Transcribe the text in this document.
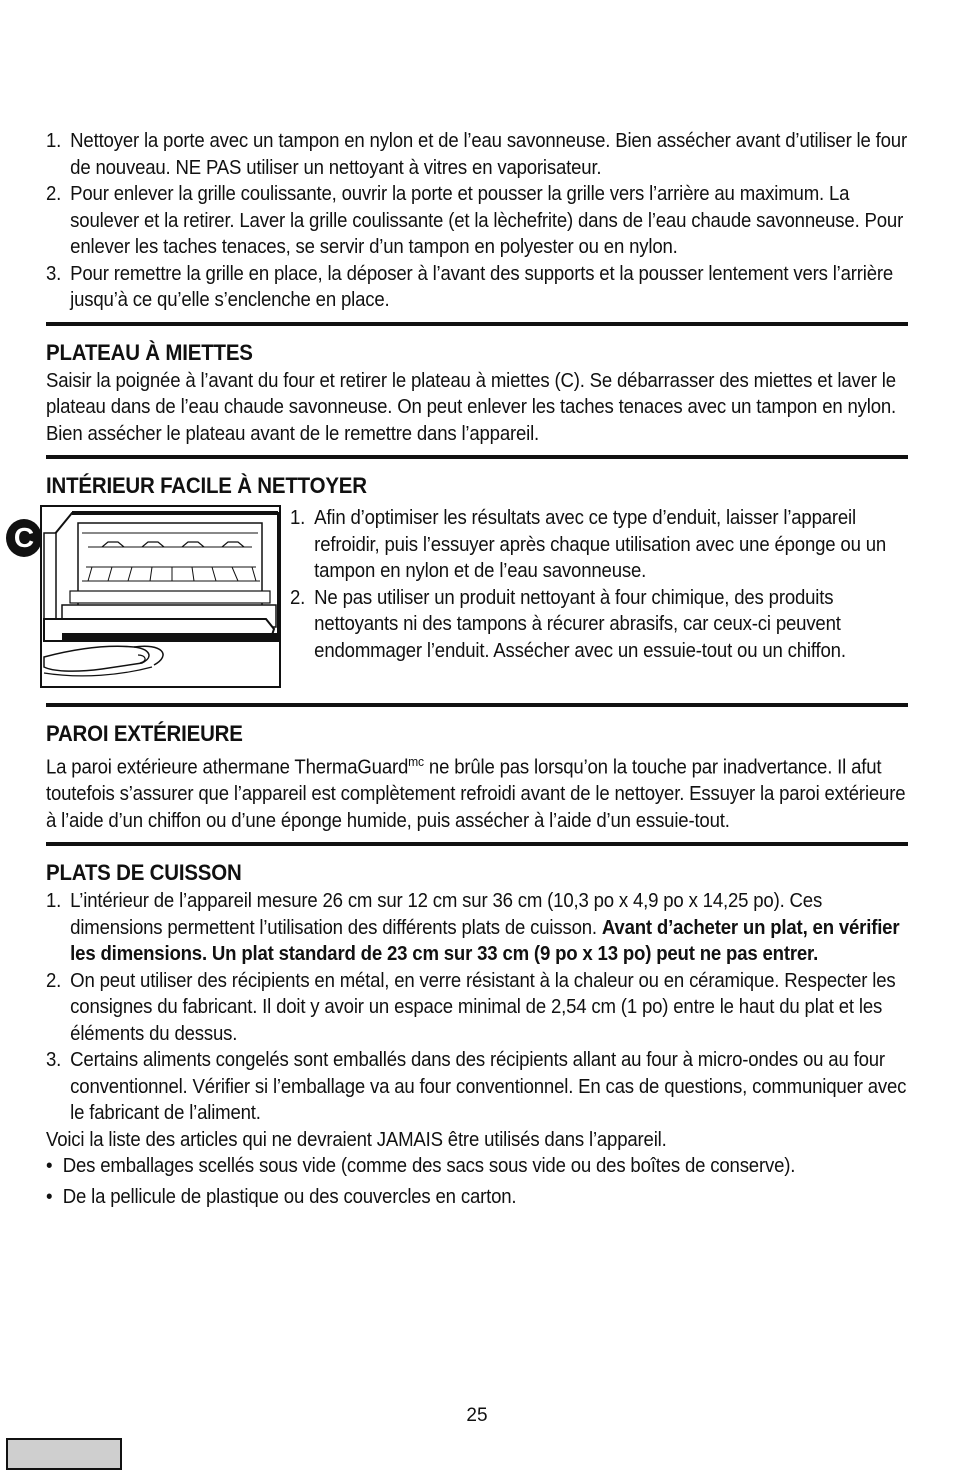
1. Nettoyer la porte avec un tampon en nylon et de l’eau savonneuse. Bien assécher avant d’utiliser le four de nouveau. NE PAS utiliser un nettoyant à vitres en vaporisateur.
2. Pour enlever la grille coulissante, ouvrir la porte et pousser la grille vers l’arrière au maximum. La soulever et la retirer. Laver la grille coulissante (et la lèchefrite) dans de l’eau chaude savonneuse. Pour enlever les taches tenaces, se servir d’un tampon en polyester ou en nylon.
3. Pour remettre la grille en place, la déposer à l’avant des supports et la pousser lentement vers l’arrière jusqu’à ce qu’elle s’enclenche en place.
PLATEAU À MIETTES

Saisir la poignée à l’avant du four et retirer le plateau à miettes (C). Se débarrasser des miettes et laver le plateau dans de l’eau chaude savonneuse. On peut enlever les taches tenaces avec un tampon en nylon. Bien assécher le plateau avant de le remettre dans l’appareil.

INTÉRIEUR FACILE À NETTOYER
C
1. Afin d’optimiser les résultats avec ce type d’enduit, laisser l’appareil refroidir, puis l’essuyer après chaque utilisation avec une éponge ou un tampon en nylon et de l’eau savonneuse.
2. Ne pas utiliser un produit nettoyant à four chimique, des produits nettoyants ni des tampons à récurer abrasifs, car ceux-ci peuvent endommager l’enduit. Assécher avec un essuie-tout ou un chiffon.
PAROI EXTÉRIEURE

La paroi extérieure athermane ThermaGuard$^{mc}$ ne brûle pas lorsqu’on la touche par inadvertance. Il afut toutefois s’assurer que l’appareil est complètement refroidi avant de le nettoyer. Essuyer la paroi extérieure à l’aide d’un chiffon ou d’une éponge humide, puis assécher à l’aide d’un essuie-tout.

PLATS DE CUISSON
1. L’intérieur de l’appareil mesure 26 cm sur 12 cm sur 36 cm (10,3 po x 4,9 po x 14,25 po). Ces dimensions permettent l’utilisation des différents plats de cuisson. Avant d’acheter un plat, en vérifier les dimensions. Un plat standard de 23 cm sur 33 cm (9 po x 13 po) peut ne pas entrer.
2. On peut utiliser des récipients en métal, en verre résistant à la chaleur ou en céramique. Respecter les consignes du fabricant. Il doit y avoir un espace minimal de 2,54 cm (1 po) entre le haut du plat et les éléments du dessus.
3. Certains aliments congelés sont emballés dans des récipients allant au four à micro-ondes ou au four conventionnel. Vérifier si l’emballage va au four conventionnel. En cas de questions, communiquer avec le fabricant de l’aliment.

Voici la liste des articles qui ne devraient JAMAIS être utilisés dans l’appareil.

• Des emballages scellés sous vide (comme des sacs sous vide ou des boîtes de conserve).
• De la pellicule de plastique ou des couvercles en carton.
25
